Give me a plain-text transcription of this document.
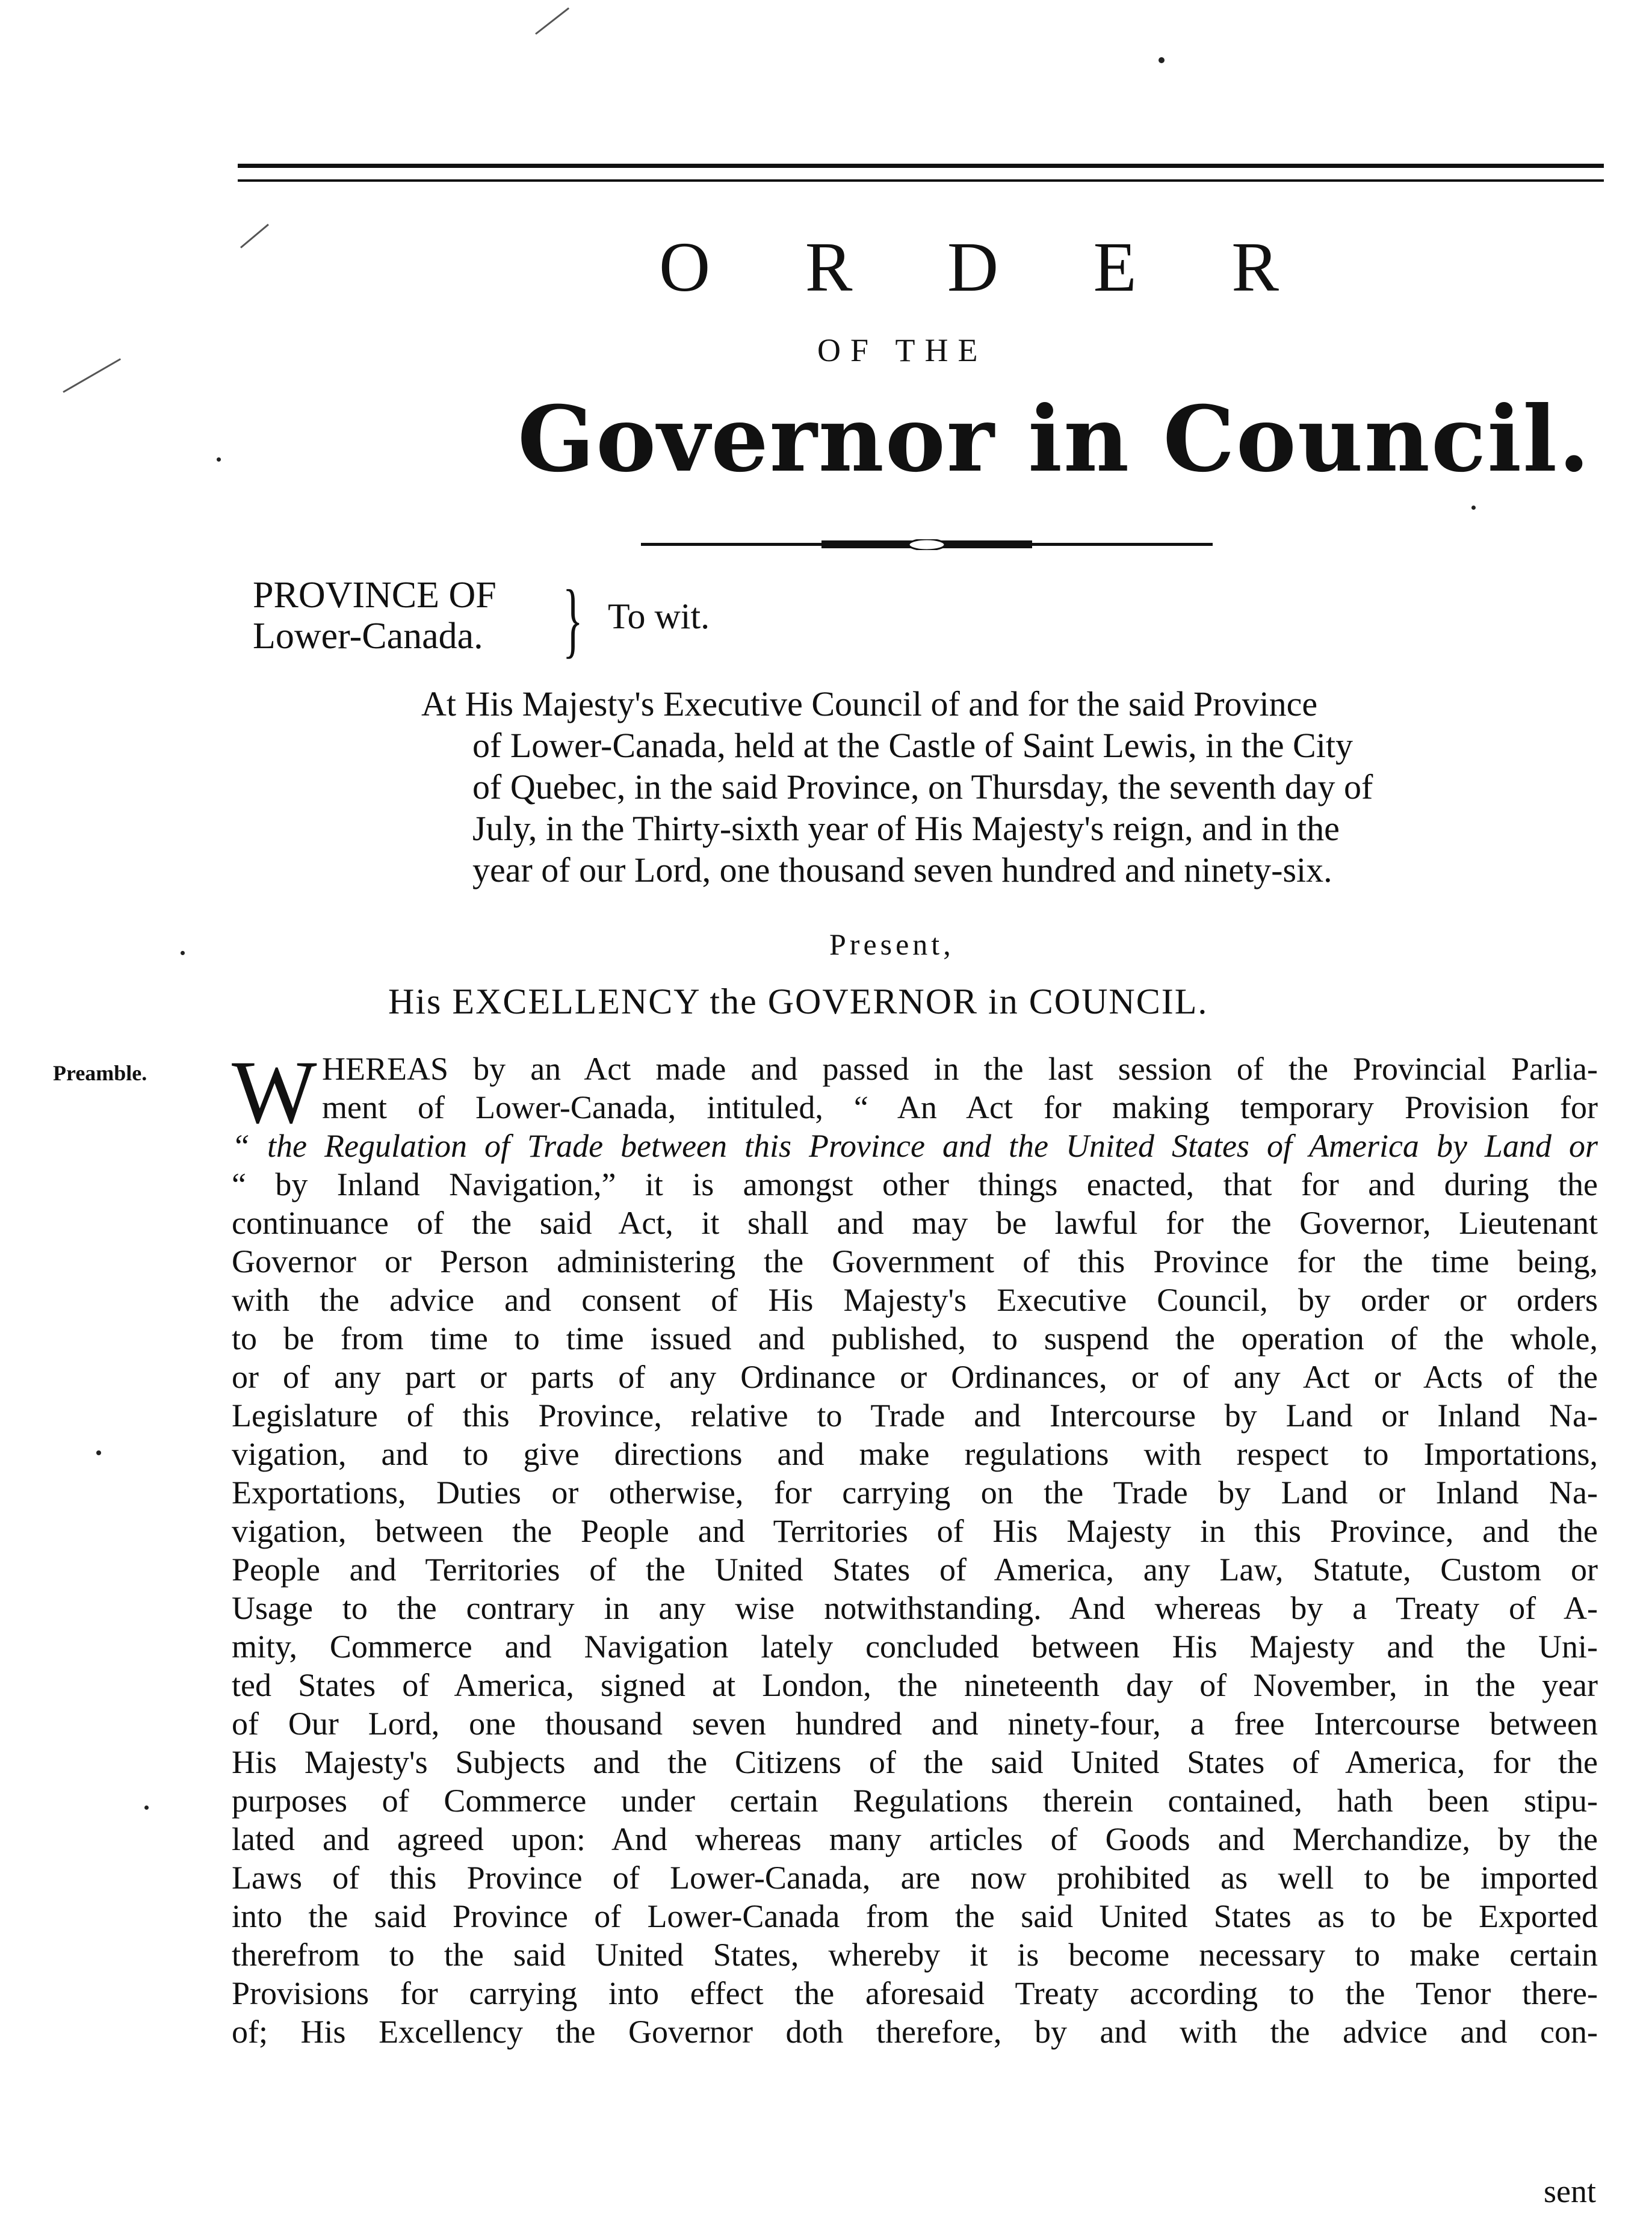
O R D E R
OF THE
Governor in Council.
PROVINCE OF
Lower-Canada. } To wit.
At His Majesty's Executive Council of and for the said Province
of Lower-Canada, held at the Castle of Saint Lewis, in the City
of Quebec, in the said Province, on Thursday, the seventh day of
July, in the Thirty-sixth year of His Majesty's reign, and in the
year of our Lord, one thousand seven hundred and ninety-six.
Present,
His EXCELLENCY the GOVERNOR in COUNCIL.
Preamble. W HEREAS by an Act made and passed in the last session of the Provincial Parlia-
ment of Lower-Canada, intituled, “ An Act for making temporary Provision for
“ the Regulation of Trade between this Province and the United States of America by Land or
“ by Inland Navigation,” it is amongst other things enacted, that for and during the
continuance of the said Act, it shall and may be lawful for the Governor, Lieutenant
Governor or Person administering the Government of this Province for the time being,
with the advice and consent of His Majesty's Executive Council, by order or orders
to be from time to time issued and published, to suspend the operation of the whole,
or of any part or parts of any Ordinance or Ordinances, or of any Act or Acts of the
Legislature of this Province, relative to Trade and Intercourse by Land or Inland Na-
vigation, and to give directions and make regulations with respect to Importations,
Exportations, Duties or otherwise, for carrying on the Trade by Land or Inland Na-
vigation, between the People and Territories of His Majesty in this Province, and the
People and Territories of the United States of America, any Law, Statute, Custom or
Usage to the contrary in any wise notwithstanding. And whereas by a Treaty of A-
mity, Commerce and Navigation lately concluded between His Majesty and the Uni-
ted States of America, signed at London, the nineteenth day of November, in the year
of Our Lord, one thousand seven hundred and ninety-four, a free Intercourse between
His Majesty's Subjects and the Citizens of the said United States of America, for the
purposes of Commerce under certain Regulations therein contained, hath been stipu-
lated and agreed upon: And whereas many articles of Goods and Merchandize, by the
Laws of this Province of Lower-Canada, are now prohibited as well to be imported
into the said Province of Lower-Canada from the said United States as to be Exported
therefrom to the said United States, whereby it is become necessary to make certain
Provisions for carrying into effect the aforesaid Treaty according to the Tenor there-
of; His Excellency the Governor doth therefore, by and with the advice and con-
sent
